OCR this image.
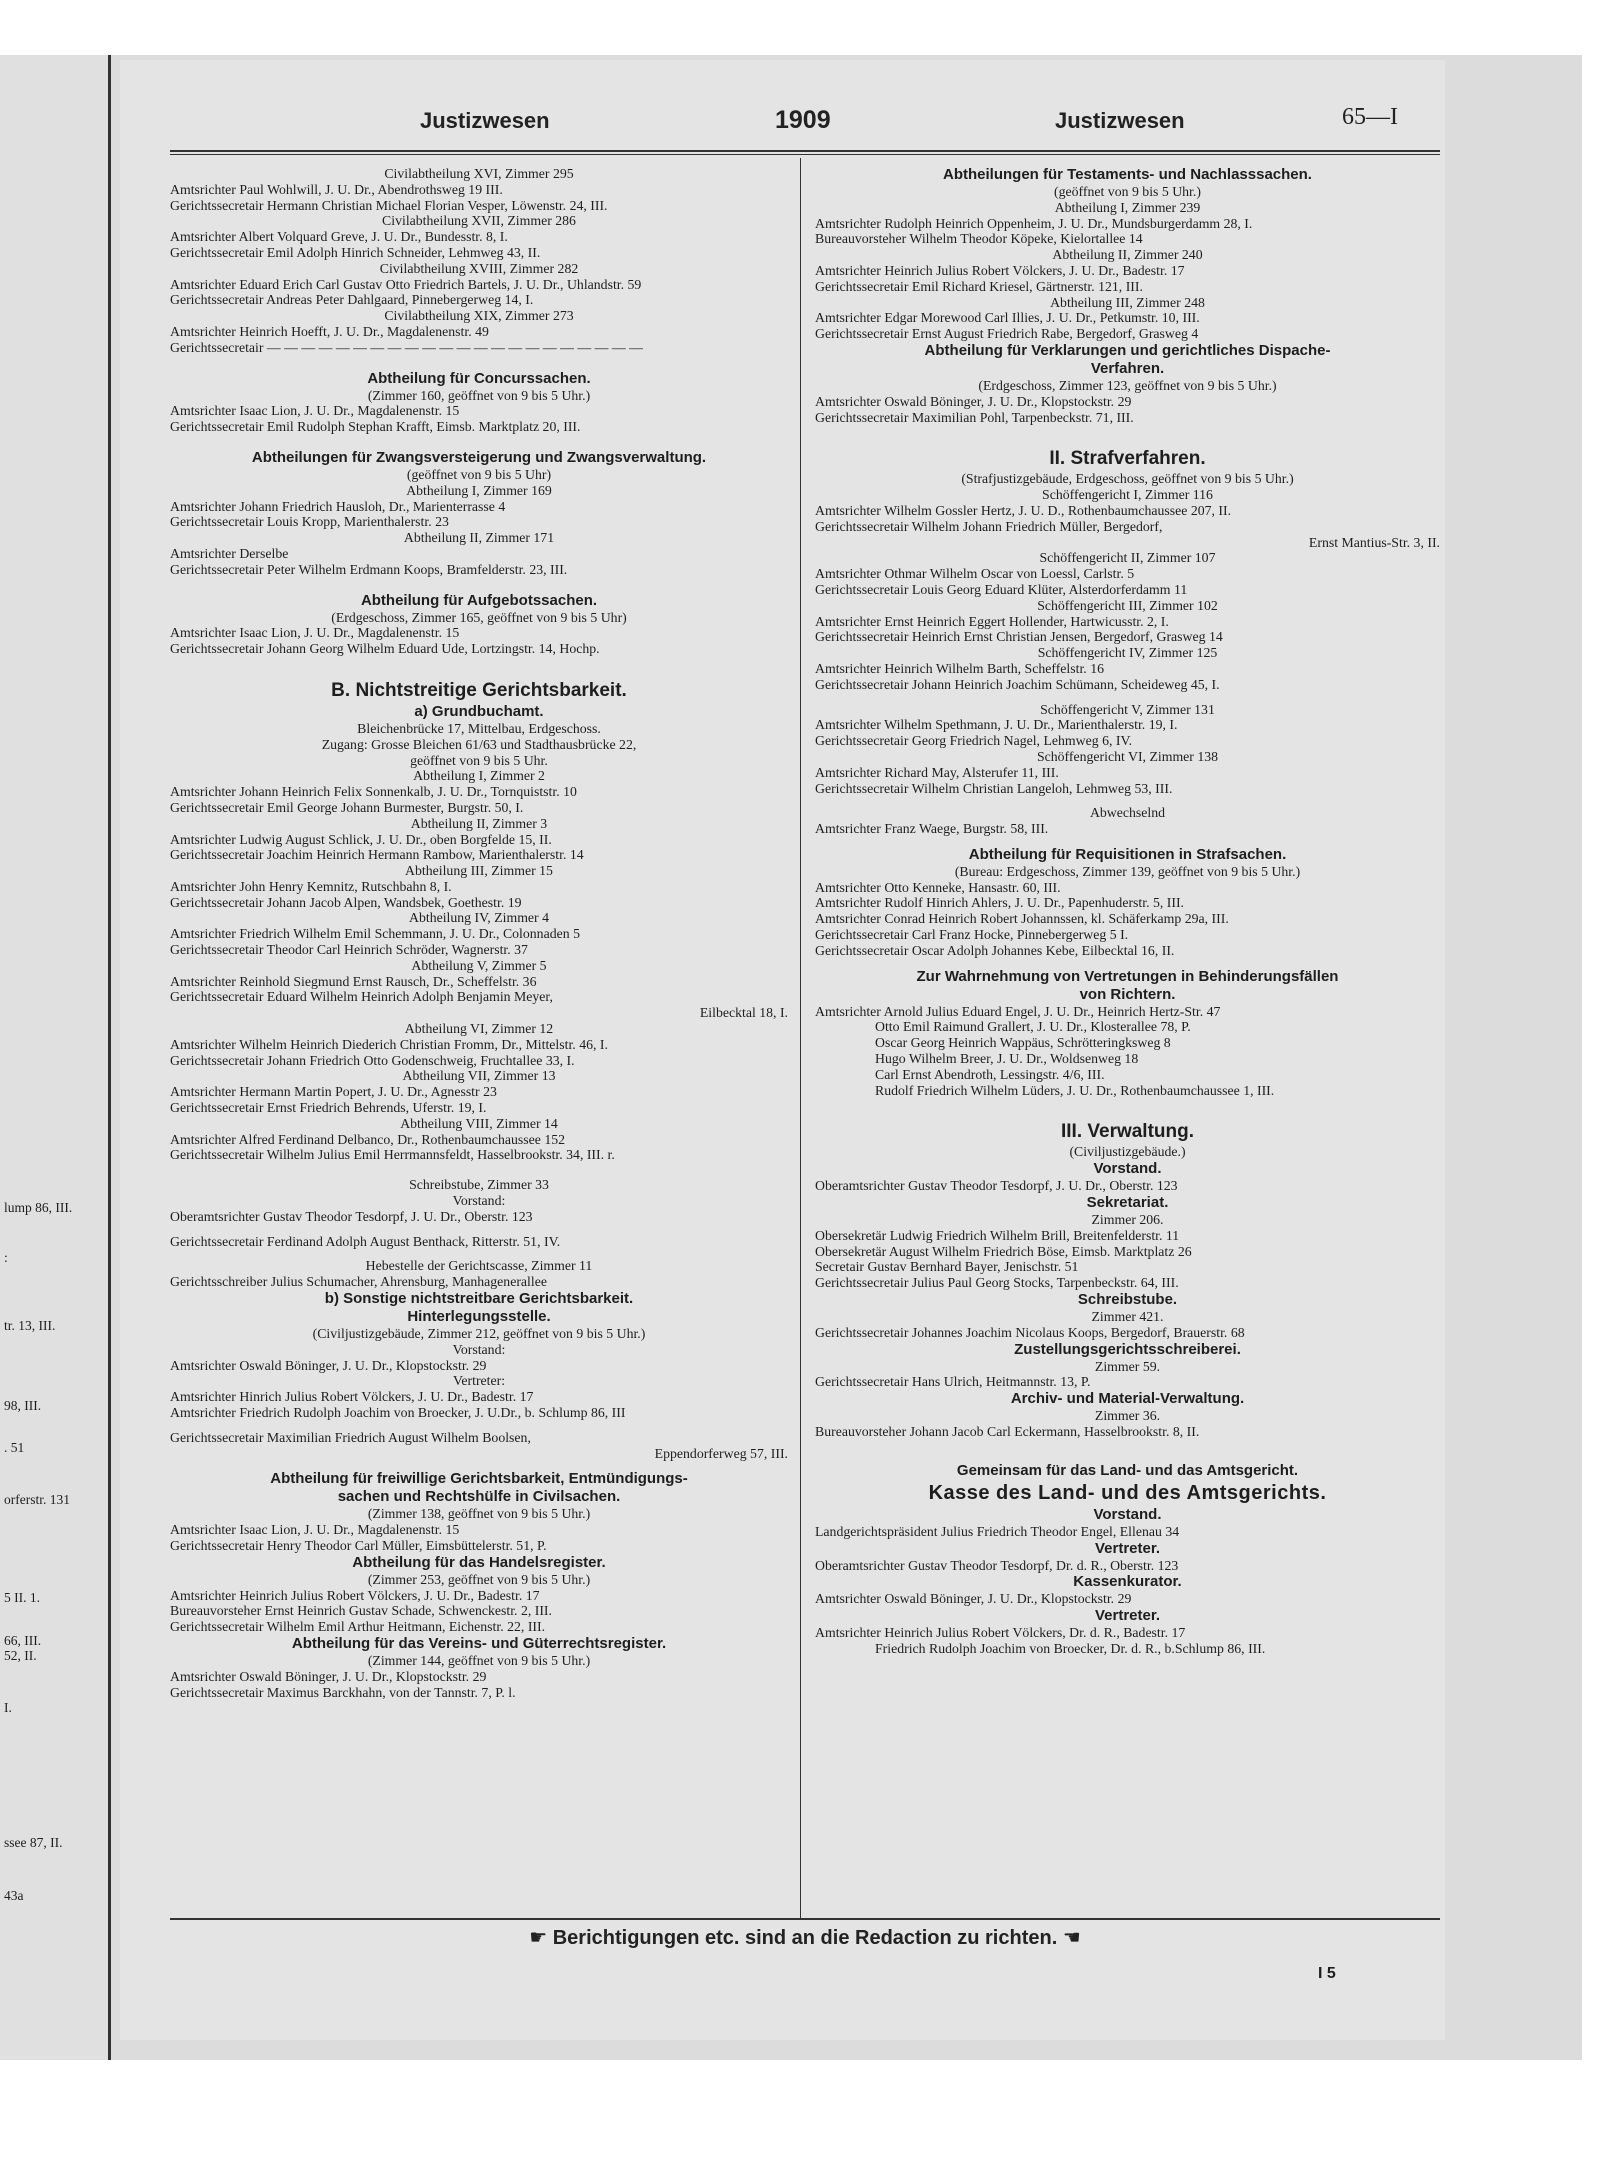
lump 86, III.
:
tr. 13, III.
98, III.
. 51
orferstr. 131
5 II. 1.
66, III.
52, II.
I.
ssee 87, II.
43a
Justizwesen	1909	Justizwesen	65—I
Civilabtheilung XVI, Zimmer 295
Amtsrichter Paul Wohlwill, J. U. Dr., Abendrothsweg 19 III.
Gerichtssecretair Hermann Christian Michael Florian Vesper, Löwenstr. 24, III.
Civilabtheilung XVII, Zimmer 286
Amtsrichter Albert Volquard Greve, J. U. Dr., Bundesstr. 8, I.
Gerichtssecretair Emil Adolph Hinrich Schneider, Lehmweg 43, II.
Civilabtheilung XVIII, Zimmer 282
Amtsrichter Eduard Erich Carl Gustav Otto Friedrich Bartels, J. U. Dr., Uhlandstr. 59
Gerichtssecretair Andreas Peter Dahlgaard, Pinnebergerweg 14, I.
Civilabtheilung XIX, Zimmer 273
Amtsrichter Heinrich Hoefft, J. U. Dr., Magdalenenstr. 49
Gerichtssecretair — — — — — — — — — — — — — — — — — — — — — —
Abtheilung für Concurssachen.
(Zimmer 160, geöffnet von 9 bis 5 Uhr.)
Amtsrichter Isaac Lion, J. U. Dr., Magdalenenstr. 15
Gerichtssecretair Emil Rudolph Stephan Krafft, Eimsb. Marktplatz 20, III.
Abtheilungen für Zwangsversteigerung und Zwangsverwaltung.
(geöffnet von 9 bis 5 Uhr)
Abtheilung I, Zimmer 169
Amtsrichter Johann Friedrich Hausloh, Dr., Marienterrasse 4
Gerichtssecretair Louis Kropp, Marienthalerstr. 23
Abtheilung II, Zimmer 171
Amtsrichter Derselbe
Gerichtssecretair Peter Wilhelm Erdmann Koops, Bramfelderstr. 23, III.
Abtheilung für Aufgebotssachen.
(Erdgeschoss, Zimmer 165, geöffnet von 9 bis 5 Uhr)
Amtsrichter Isaac Lion, J. U. Dr., Magdalenenstr. 15
Gerichtssecretair Johann Georg Wilhelm Eduard Ude, Lortzingstr. 14, Hochp.
B. Nichtstreitige Gerichtsbarkeit.
a) Grundbuchamt.
Bleichenbrücke 17, Mittelbau, Erdgeschoss.
Zugang: Grosse Bleichen 61/63 und Stadthausbrücke 22,
geöffnet von 9 bis 5 Uhr.
Abtheilung I, Zimmer 2
Amtsrichter Johann Heinrich Felix Sonnenkalb, J. U. Dr., Tornquiststr. 10
Gerichtssecretair Emil George Johann Burmester, Burgstr. 50, I.
Abtheilung II, Zimmer 3
Amtsrichter Ludwig August Schlick, J. U. Dr., oben Borgfelde 15, II.
Gerichtssecretair Joachim Heinrich Hermann Rambow, Marienthalerstr. 14
Abtheilung III, Zimmer 15
Amtsrichter John Henry Kemnitz, Rutschbahn 8, I.
Gerichtssecretair Johann Jacob Alpen, Wandsbek, Goethestr. 19
Abtheilung IV, Zimmer 4
Amtsrichter Friedrich Wilhelm Emil Schemmann, J. U. Dr., Colonnaden 5
Gerichtssecretair Theodor Carl Heinrich Schröder, Wagnerstr. 37
Abtheilung V, Zimmer 5
Amtsrichter Reinhold Siegmund Ernst Rausch, Dr., Scheffelstr. 36
Gerichtssecretair Eduard Wilhelm Heinrich Adolph Benjamin Meyer,
Eilbecktal 18, I.
Abtheilung VI, Zimmer 12
Amtsrichter Wilhelm Heinrich Diederich Christian Fromm, Dr., Mittelstr. 46, I.
Gerichtssecretair Johann Friedrich Otto Godenschweig, Fruchtallee 33, I.
Abtheilung VII, Zimmer 13
Amtsrichter Hermann Martin Popert, J. U. Dr., Agnesstr 23
Gerichtssecretair Ernst Friedrich Behrends, Uferstr. 19, I.
Abtheilung VIII, Zimmer 14
Amtsrichter Alfred Ferdinand Delbanco, Dr., Rothenbaumchaussee 152
Gerichtssecretair Wilhelm Julius Emil Herrmannsfeldt, Hasselbrookstr. 34, III. r.
Schreibstube, Zimmer 33
Vorstand:
Oberamtsrichter Gustav Theodor Tesdorpf, J. U. Dr., Oberstr. 123
Gerichtssecretair Ferdinand Adolph August Benthack, Ritterstr. 51, IV.
Hebestelle der Gerichtscasse, Zimmer 11
Gerichtsschreiber Julius Schumacher, Ahrensburg, Manhagenerallee
b) Sonstige nichtstreitbare Gerichtsbarkeit.
Hinterlegungsstelle.
(Civiljustizgebäude, Zimmer 212, geöffnet von 9 bis 5 Uhr.)
Vorstand:
Amtsrichter Oswald Böninger, J. U. Dr., Klopstockstr. 29
Vertreter:
Amtsrichter Hinrich Julius Robert Völckers, J. U. Dr., Badestr. 17
Amtsrichter Friedrich Rudolph Joachim von Broecker, J. U.Dr., b. Schlump 86, III
Gerichtssecretair Maximilian Friedrich August Wilhelm Boolsen,
Eppendorferweg 57, III.
Abtheilung für freiwillige Gerichtsbarkeit, Entmündigungs-
sachen und Rechtshülfe in Civilsachen.
(Zimmer 138, geöffnet von 9 bis 5 Uhr.)
Amtsrichter Isaac Lion, J. U. Dr., Magdalenenstr. 15
Gerichtssecretair Henry Theodor Carl Müller, Eimsbüttelerstr. 51, P.
Abtheilung für das Handelsregister.
(Zimmer 253, geöffnet von 9 bis 5 Uhr.)
Amtsrichter Heinrich Julius Robert Völckers, J. U. Dr., Badestr. 17
Bureauvorsteher Ernst Heinrich Gustav Schade, Schwenckestr. 2, III.
Gerichtssecretair Wilhelm Emil Arthur Heitmann, Eichenstr. 22, III.
Abtheilung für das Vereins- und Güterrechtsregister.
(Zimmer 144, geöffnet von 9 bis 5 Uhr.)
Amtsrichter Oswald Böninger, J. U. Dr., Klopstockstr. 29
Gerichtssecretair Maximus Barckhahn, von der Tannstr. 7, P. l.
Abtheilungen für Testaments- und Nachlasssachen.
(geöffnet von 9 bis 5 Uhr.)
Abtheilung I, Zimmer 239
Amtsrichter Rudolph Heinrich Oppenheim, J. U. Dr., Mundsburgerdamm 28, I.
Bureauvorsteher Wilhelm Theodor Köpeke, Kielortallee 14
Abtheilung II, Zimmer 240
Amtsrichter Heinrich Julius Robert Völckers, J. U. Dr., Badestr. 17
Gerichtssecretair Emil Richard Kriesel, Gärtnerstr. 121, III.
Abtheilung III, Zimmer 248
Amtsrichter Edgar Morewood Carl Illies, J. U. Dr., Petkumstr. 10, III.
Gerichtssecretair Ernst August Friedrich Rabe, Bergedorf, Grasweg 4
Abtheilung für Verklarungen und gerichtliches Dispache-
Verfahren.
(Erdgeschoss, Zimmer 123, geöffnet von 9 bis 5 Uhr.)
Amtsrichter Oswald Böninger, J. U. Dr., Klopstockstr. 29
Gerichtssecretair Maximilian Pohl, Tarpenbeckstr. 71, III.
II. Strafverfahren.
(Strafjustizgebäude, Erdgeschoss, geöffnet von 9 bis 5 Uhr.)
Schöffengericht I, Zimmer 116
Amtsrichter Wilhelm Gossler Hertz, J. U. D., Rothenbaumchaussee 207, II.
Gerichtssecretair Wilhelm Johann Friedrich Müller, Bergedorf,
Ernst Mantius-Str. 3, II.
Schöffengericht II, Zimmer 107
Amtsrichter Othmar Wilhelm Oscar von Loessl, Carlstr. 5
Gerichtssecretair Louis Georg Eduard Klüter, Alsterdorferdamm 11
Schöffengericht III, Zimmer 102
Amtsrichter Ernst Heinrich Eggert Hollender, Hartwicusstr. 2, I.
Gerichtssecretair Heinrich Ernst Christian Jensen, Bergedorf, Grasweg 14
Schöffengericht IV, Zimmer 125
Amtsrichter Heinrich Wilhelm Barth, Scheffelstr. 16
Gerichtssecretair Johann Heinrich Joachim Schümann, Scheideweg 45, I.
Schöffengericht V, Zimmer 131
Amtsrichter Wilhelm Spethmann, J. U. Dr., Marienthalerstr. 19, I.
Gerichtssecretair Georg Friedrich Nagel, Lehmweg 6, IV.
Schöffengericht VI, Zimmer 138
Amtsrichter Richard May, Alsterufer 11, III.
Gerichtssecretair Wilhelm Christian Langeloh, Lehmweg 53, III.
Abwechselnd
Amtsrichter Franz Waege, Burgstr. 58, III.
Abtheilung für Requisitionen in Strafsachen.
(Bureau: Erdgeschoss, Zimmer 139, geöffnet von 9 bis 5 Uhr.)
Amtsrichter Otto Kenneke, Hansastr. 60, III.
Amtsrichter Rudolf Hinrich Ahlers, J. U. Dr., Papenhuderstr. 5, III.
Amtsrichter Conrad Heinrich Robert Johannssen, kl. Schäferkamp 29a, III.
Gerichtssecretair Carl Franz Hocke, Pinnebergerweg 5 I.
Gerichtssecretair Oscar Adolph Johannes Kebe, Eilbecktal 16, II.
Zur Wahrnehmung von Vertretungen in Behinderungsfällen
von Richtern.
Amtsrichter Arnold Julius Eduard Engel, J. U. Dr., Heinrich Hertz-Str. 47
Otto Emil Raimund Grallert, J. U. Dr., Klosterallee 78, P.
Oscar Georg Heinrich Wappäus, Schrötteringksweg 8
Hugo Wilhelm Breer, J. U. Dr., Woldsenweg 18
Carl Ernst Abendroth, Lessingstr. 4/6, III.
Rudolf Friedrich Wilhelm Lüders, J. U. Dr., Rothenbaumchaussee 1, III.
III. Verwaltung.
(Civiljustizgebäude.)
Vorstand.
Oberamtsrichter Gustav Theodor Tesdorpf, J. U. Dr., Oberstr. 123
Sekretariat.
Zimmer 206.
Obersekretär Ludwig Friedrich Wilhelm Brill, Breitenfelderstr. 11
Obersekretär August Wilhelm Friedrich Böse, Eimsb. Marktplatz 26
Secretair Gustav Bernhard Bayer, Jenischstr. 51
Gerichtssecretair Julius Paul Georg Stocks, Tarpenbeckstr. 64, III.
Schreibstube.
Zimmer 421.
Gerichtssecretair Johannes Joachim Nicolaus Koops, Bergedorf, Brauerstr. 68
Zustellungsgerichtsschreiberei.
Zimmer 59.
Gerichtssecretair Hans Ulrich, Heitmannstr. 13, P.
Archiv- und Material-Verwaltung.
Zimmer 36.
Bureauvorsteher Johann Jacob Carl Eckermann, Hasselbrookstr. 8, II.
Gemeinsam für das Land- und das Amtsgericht.
Kasse des Land- und des Amtsgerichts.
Vorstand.
Landgerichtspräsident Julius Friedrich Theodor Engel, Ellenau 34
Vertreter.
Oberamtsrichter Gustav Theodor Tesdorpf, Dr. d. R., Oberstr. 123
Kassenkurator.
Amtsrichter Oswald Böninger, J. U. Dr., Klopstockstr. 29
Vertreter.
Amtsrichter Heinrich Julius Robert Völckers, Dr. d. R., Badestr. 17
Friedrich Rudolph Joachim von Broecker, Dr. d. R., b.Schlump 86, III.
☛ Berichtigungen etc. sind an die Redaction zu richten. ☚
I 5
